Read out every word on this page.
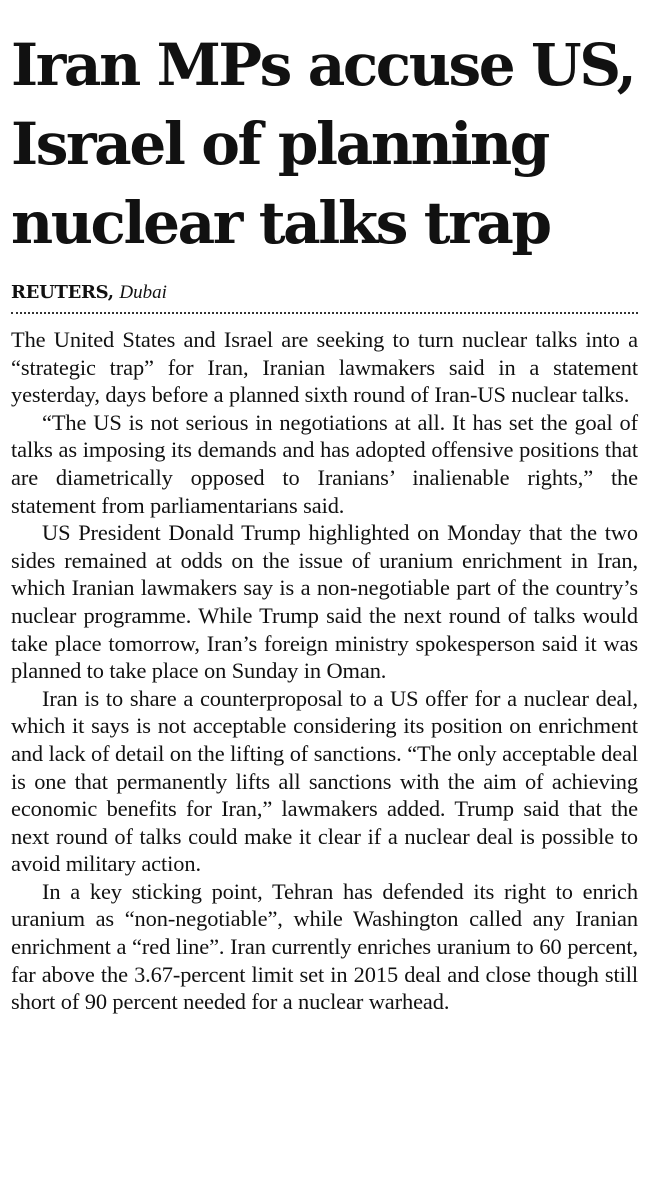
Iran MPs accuse US,
Israel of planning
nuclear talks trap
REUTERS, Dubai

The United States and Israel are seeking to turn nuclear talks into a “strategic trap” for Iran, Iranian lawmakers said in a statement yesterday, days before a planned sixth round of Iran-US nuclear talks.

“The US is not serious in negotiations at all. It has set the goal of talks as imposing its demands and has adopted offensive positions that are diametrically opposed to Iranians’ inalienable rights,” the statement from parliamentarians said.

US President Donald Trump highlighted on Monday that the two sides remained at odds on the issue of uranium enrichment in Iran, which Iranian lawmakers say is a non-negotiable part of the country’s nuclear programme. While Trump said the next round of talks would take place tomorrow, Iran’s foreign ministry spokesperson said it was planned to take place on Sunday in Oman.

Iran is to share a counterproposal to a US offer for a nuclear deal, which it says is not acceptable considering its position on enrichment and lack of detail on the lifting of sanctions. “The only acceptable deal is one that permanently lifts all sanctions with the aim of achieving economic benefits for Iran,” lawmakers added. Trump said that the next round of talks could make it clear if a nuclear deal is possible to avoid military action.

In a key sticking point, Tehran has defended its right to enrich uranium as “non-negotiable”, while Washington called any Iranian enrichment a “red line”. Iran currently enriches uranium to 60 percent, far above the 3.67-percent limit set in 2015 deal and close though still short of 90 percent needed for a nuclear warhead.
